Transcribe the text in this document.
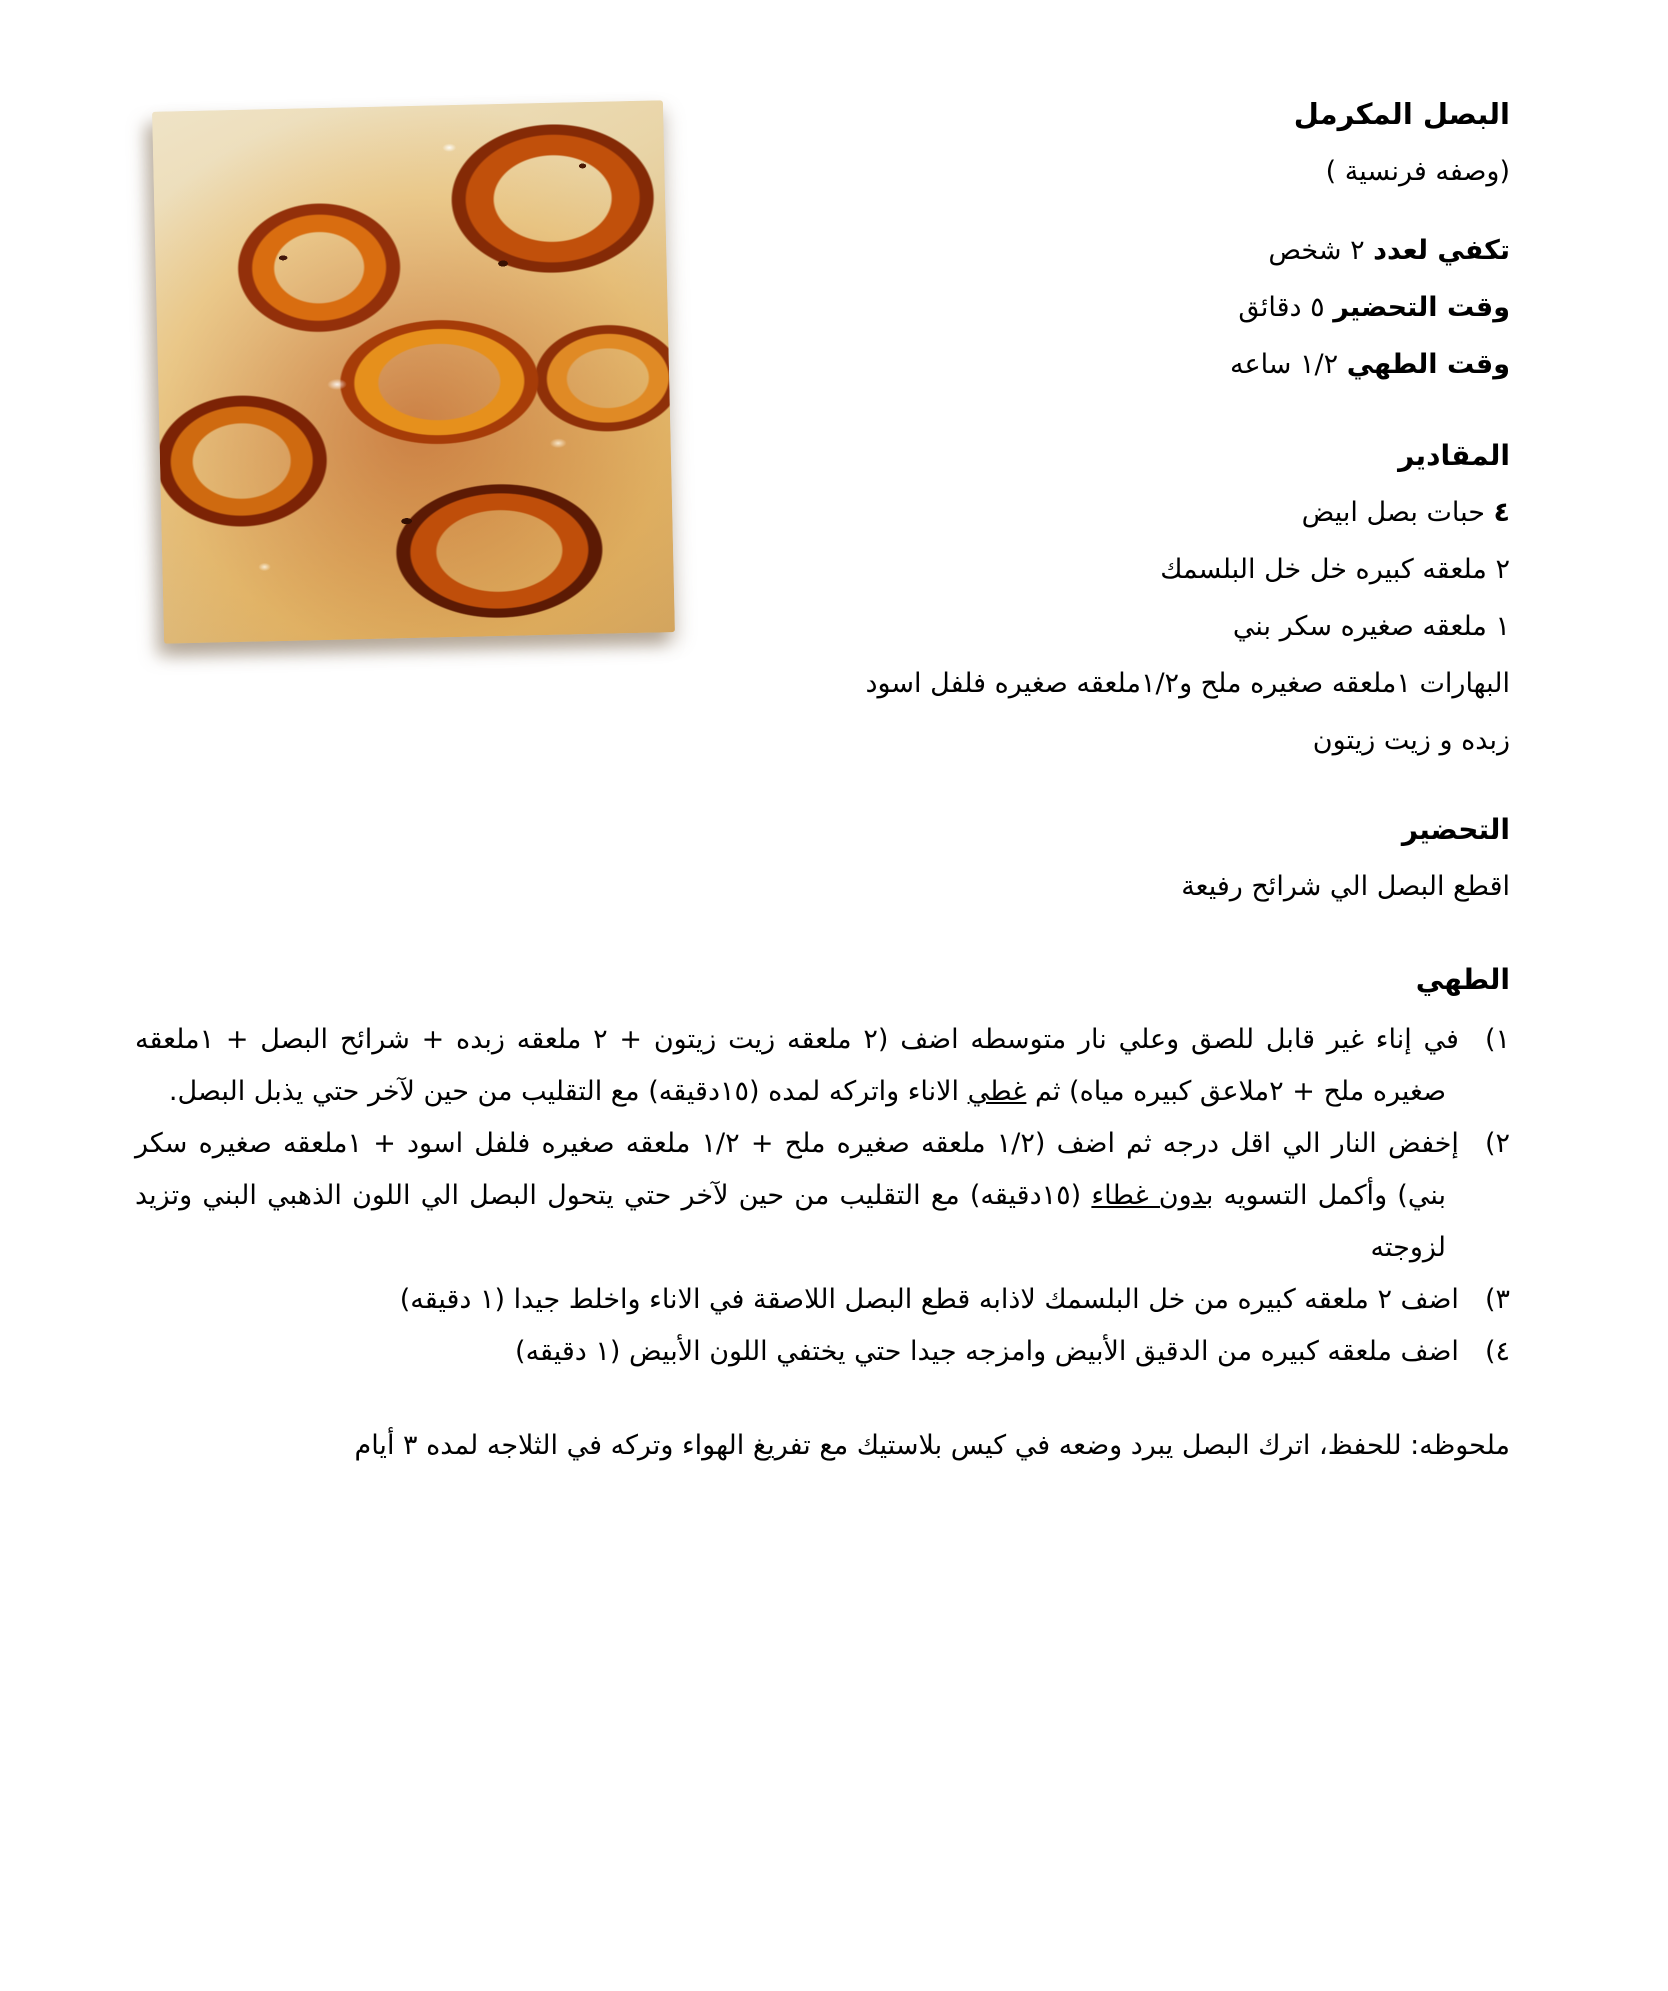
البصل المكرمل
(وصفه فرنسية )
تكفي لعدد ٢ شخص
وقت التحضير ٥ دقائق
وقت الطهي ١/٢ ساعه
المقادير
٤ حبات بصل ابيض
٢ ملعقه كبيره خل خل البلسمك
١ ملعقه صغيره سكر بني
البهارات ١ملعقه صغيره ملح و١/٢ملعقه صغيره فلفل اسود
زبده و زيت زيتون
التحضير
اقطع البصل الي شرائح رفيعة
الطهي
١)في إناء غير قابل للصق وعلي نار متوسطه اضف (٢ ملعقه زيت زيتون + ٢ ملعقه زبده + شرائح البصل + ١ملعقه صغيره ملح + ٢ملاعق كبيره مياه) ثم غطي الاناء واتركه لمده (١٥دقيقه) مع التقليب من حين لآخر حتي يذبل البصل.
٢)إخفض النار الي اقل درجه ثم اضف (١/٢ ملعقه صغيره ملح + ١/٢ ملعقه صغيره فلفل اسود + ١ملعقه صغيره سكر بني) وأكمل التسويه بدون غطاء (١٥دقيقه) مع التقليب من حين لآخر حتي يتحول البصل الي اللون الذهبي البني وتزيد لزوجته
٣)اضف ٢ ملعقه كبيره من خل البلسمك لاذابه قطع البصل اللاصقة في الاناء واخلط جيدا (١ دقيقه)
٤)اضف ملعقه كبيره من الدقيق الأبيض وامزجه جيدا حتي يختفي اللون الأبيض (١ دقيقه)
ملحوظه: للحفظ، اترك البصل يبرد وضعه في كيس بلاستيك مع تفريغ الهواء وتركه في الثلاجه لمده ٣ أيام
